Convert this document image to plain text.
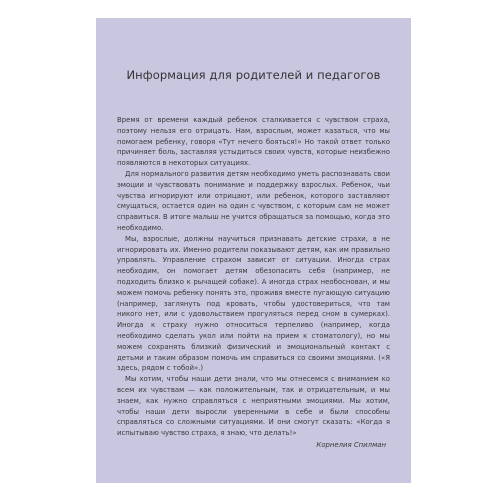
Информация для родителей и педагогов

Время от времени каждый ребенок сталкивается с чувством страха, поэтому нельзя его отрицать. Нам, взрослым, может казаться, что мы помогаем ребенку, говоря «Тут нечего бояться!» Но такой ответ только причиняет боль, заставляя устыдиться своих чувств, которые неизбежно появляются в некоторых ситуациях.

Для нормального развития детям необходимо уметь распознавать свои эмоции и чувствовать понимание и поддержку взрослых. Ребенок, чьи чувства игнорируют или отрицают, или ребенок, которого заставляют смущаться, остается один на один с чувством, с которым сам не может справиться. В итоге малыш не учится обращаться за помощью, когда это необходимо.

Мы, взрослые, должны научиться признавать детские страхи, а не игнорировать их. Именно родители показывают детям, как им правильно управлять. Управление страхом зависит от ситуации. Иногда страх необходим, он помогает детям обезопасить себя (например, не подходить близко к рычащей собаке). А иногда страх необоснован, и мы можем помочь ребенку понять это, проживя вместе пугающую ситуацию (например, заглянуть под кровать, чтобы удостовериться, что там никого нет, или с удовольствием прогуляться перед сном в сумерках). Иногда к страху нужно относиться терпеливо (например, когда необходимо сделать укол или пойти на прием к стоматологу), но мы можем сохранять близкий физический и эмоциональный контакт с детьми и таким образом помочь им справиться со своими эмоциями. («Я здесь, рядом с тобой».)

Мы хотим, чтобы наши дети знали, что мы отнесемся с вниманием ко всем их чувствам — как положительным, так и отрицательным, и мы знаем, как нужно справляться с неприятными эмоциями. Мы хотим, чтобы наши дети выросли уверенными в себе и были способны справляться со сложными ситуациями. И они смогут сказать: «Когда я испытываю чувство страха, я знаю, что делать!»

Корнелия Спилман
